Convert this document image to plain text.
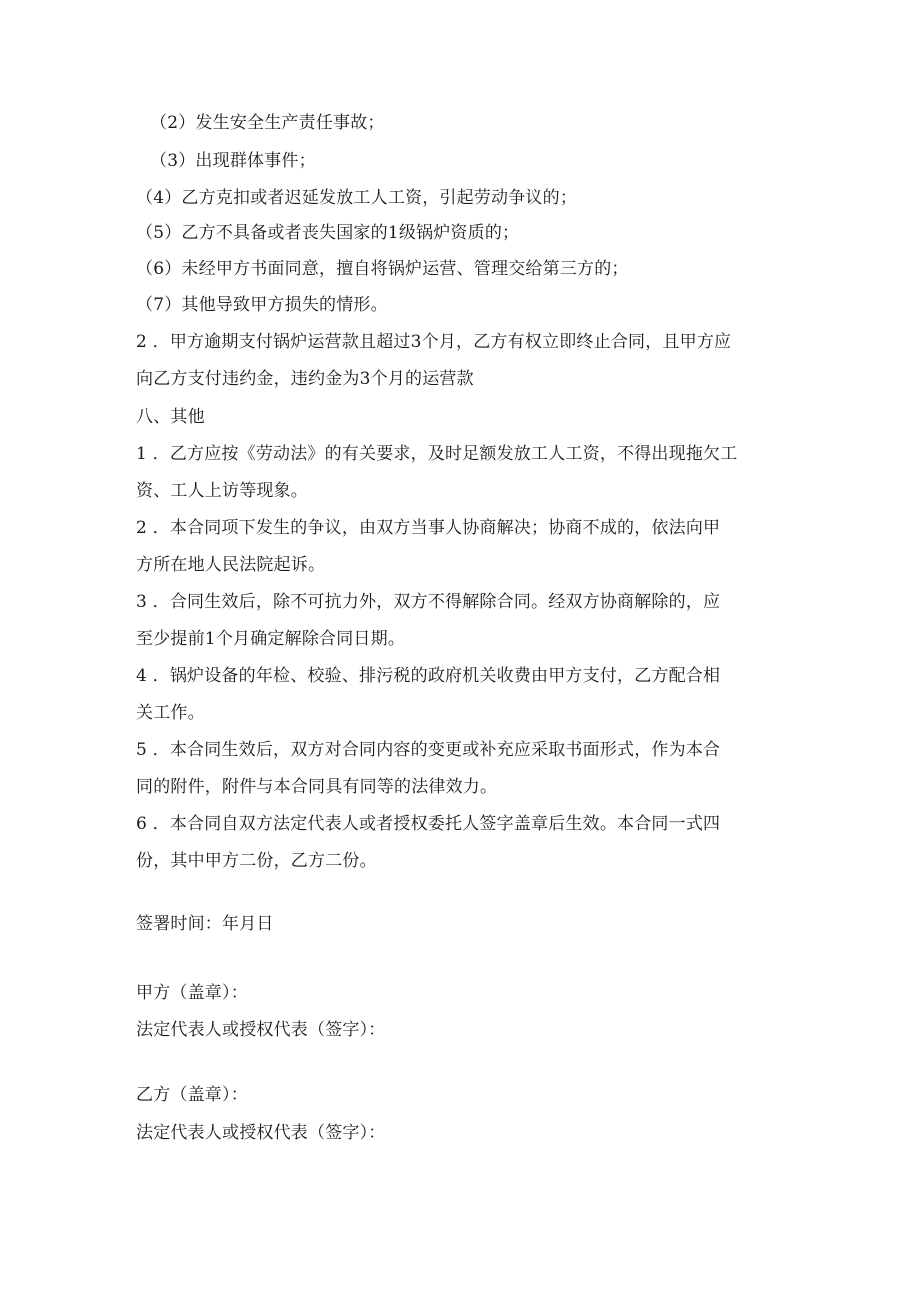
（2）发生安全生产责任事故；
（3）出现群体事件；
（4）乙方克扣或者迟延发放工人工资，引起劳动争议的；
（5）乙方不具备或者丧失国家的1级锅炉资质的；
（6）未经甲方书面同意，擅自将锅炉运营、管理交给第三方的；
（7）其他导致甲方损失的情形。
2 ．甲方逾期支付锅炉运营款且超过3个月，乙方有权立即终止合同，且甲方应
向乙方支付违约金，违约金为3个月的运营款
八、其他
1 ．乙方应按《劳动法》的有关要求，及时足额发放工人工资，不得出现拖欠工
资、工人上访等现象。
2 ．本合同项下发生的争议，由双方当事人协商解决；协商不成的，依法向甲
方所在地人民法院起诉。
3 ．合同生效后，除不可抗力外，双方不得解除合同。经双方协商解除的，应
至少提前1个月确定解除合同日期。
4 ．锅炉设备的年检、校验、排污税的政府机关收费由甲方支付，乙方配合相
关工作。
5 ．本合同生效后，双方对合同内容的变更或补充应采取书面形式，作为本合
同的附件，附件与本合同具有同等的法律效力。
6 ．本合同自双方法定代表人或者授权委托人签字盖章后生效。本合同一式四
份，其中甲方二份，乙方二份。
签署时间：年月日
甲方（盖章）：
法定代表人或授权代表（签字）：
乙方（盖章）：
法定代表人或授权代表（签字）：
